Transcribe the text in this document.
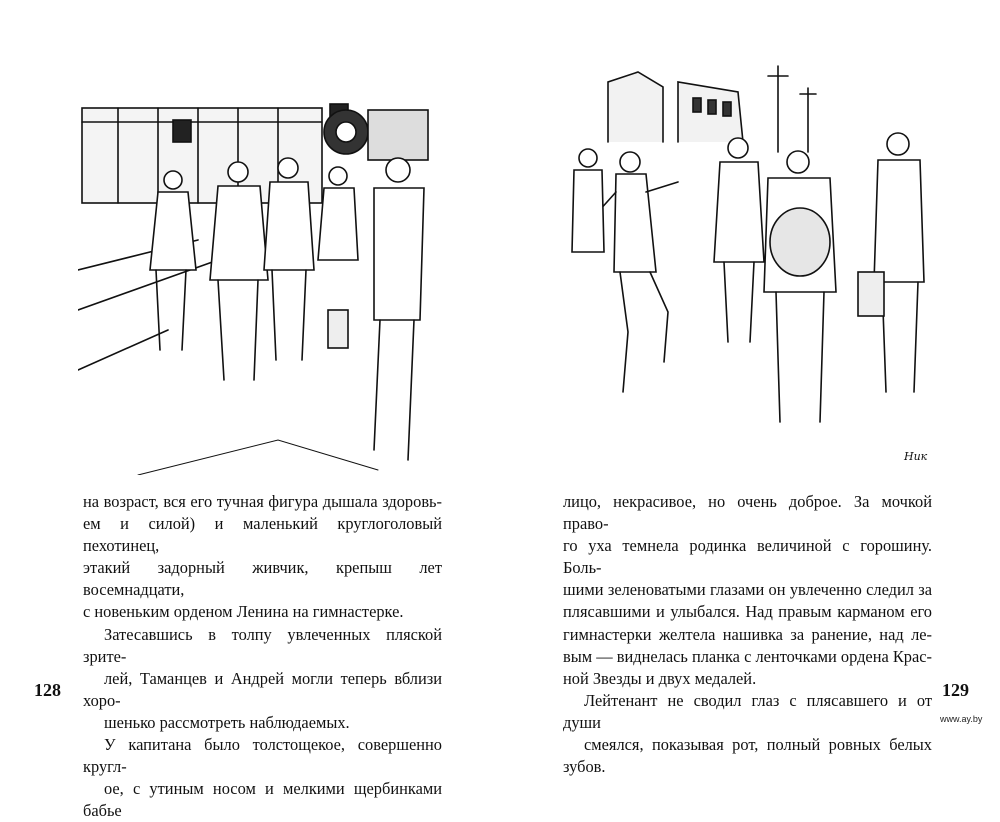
на возраст, вся его тучная фигура дышала здоровь-
ем и силой) и маленький круглоголовый пехотинец,
этакий задорный живчик, крепыш лет восемнадцати,
с новеньким орденом Ленина на гимнастерке.

Затесавшись в толпу увлеченных пляской зрите-
лей, Таманцев и Андрей могли теперь вблизи хоро-
шенько рассмотреть наблюдаемых.

У капитана было толстощекое, совершенно кругл-
ое, с утиным носом и мелкими щербинками бабье

128
Ник

лицо, некрасивое, но очень доброе. За мочкой право-
го уха темнела родинка величиной с горошину. Боль-
шими зеленоватыми глазами он увлеченно следил за
плясавшими и улыбался. Над правым карманом его
гимнастерки желтела нашивка за ранение, над ле-
вым — виднелась планка с ленточками ордена Крас-
ной Звезды и двух медалей.

Лейтенант не сводил глаз с плясавшего и от души
смеялся, показывая рот, полный ровных белых зубов.

129
www.ay.by
